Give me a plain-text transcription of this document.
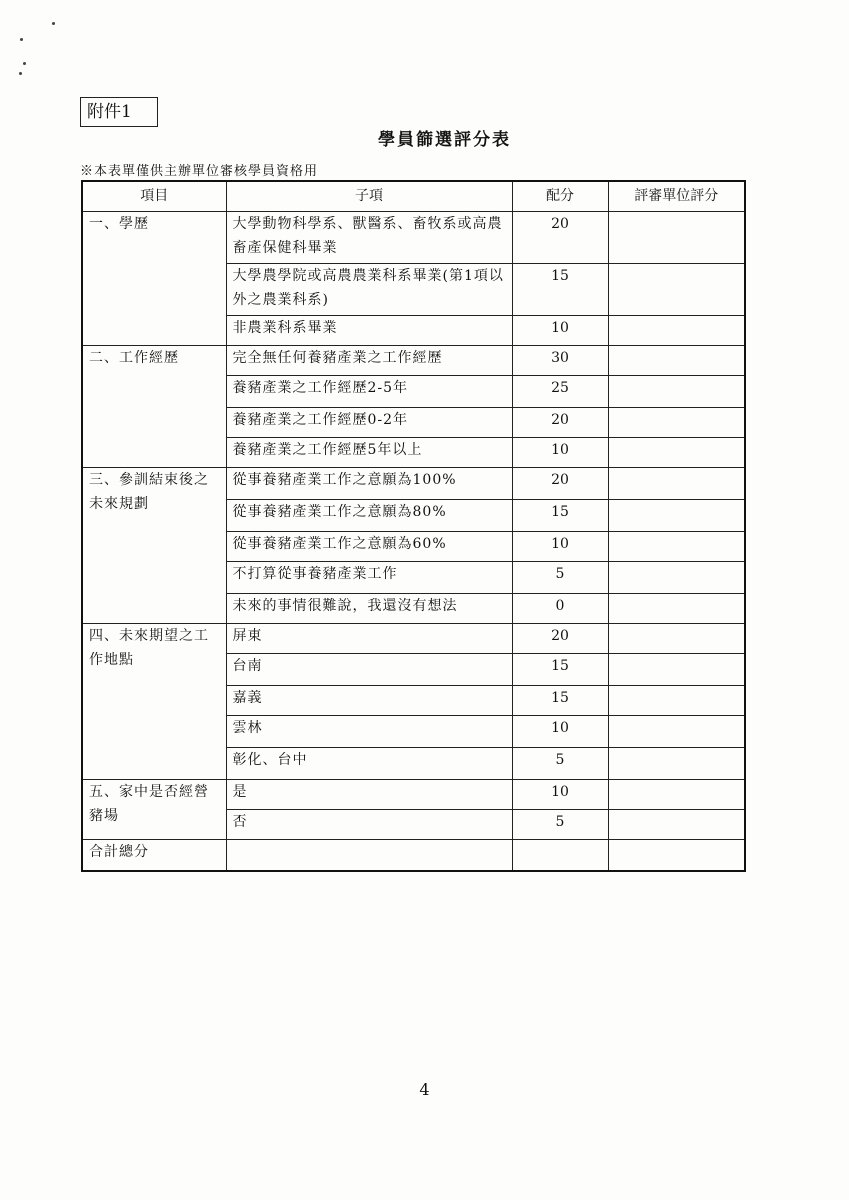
附件1
學員篩選評分表
※本表單僅供主辦單位審核學員資格用
項目	子項	配分	評審單位評分
一、學歷	大學動物科學系、獸醫系、畜牧系或高農畜產保健科畢業	20	
	大學農學院或高農農業科系畢業(第1項以外之農業科系)	15	
	非農業科系畢業	10	
二、工作經歷	完全無任何養豬產業之工作經歷	30	
	養豬產業之工作經歷2-5年	25	
	養豬產業之工作經歷0-2年	20	
	養豬產業之工作經歷5年以上	10	
三、參訓結束後之未來規劃	從事養豬產業工作之意願為100%	20	
	從事養豬產業工作之意願為80%	15	
	從事養豬產業工作之意願為60%	10	
	不打算從事養豬產業工作	5	
	未來的事情很難說，我還沒有想法	0	
四、未來期望之工作地點	屏東	20	
	台南	15	
	嘉義	15	
	雲林	10	
	彰化、台中	5	
五、家中是否經營豬場	是	10	
	否	5	
合計總分			
4
